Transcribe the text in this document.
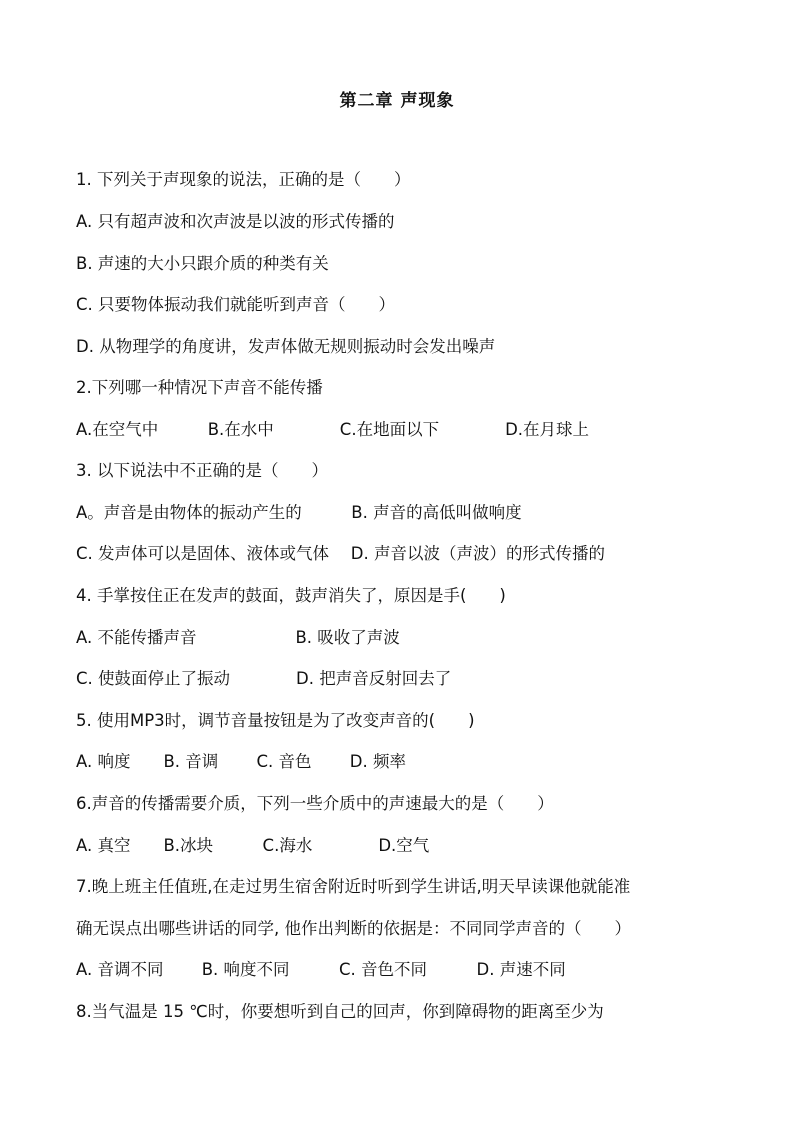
第二章 声现象
1. 下列关于声现象的说法，正确的是（　　）
A. 只有超声波和次声波是以波的形式传播的
B. 声速的大小只跟介质的种类有关
C. 只要物体振动我们就能听到声音（　　）
D. 从物理学的角度讲，发声体做无规则振动时会发出噪声
2.下列哪一种情况下声音不能传播
A.在空气中　　　B.在水中　　　　C.在地面以下　　　　D.在月球上
3. 以下说法中不正确的是（　　）
A。声音是由物体的振动产生的　　　B. 声音的高低叫做响度
C. 发声体可以是固体、液体或气体　 D. 声音以波（声波）的形式传播的
4. 手掌按住正在发声的鼓面，鼓声消失了，原因是手(　　)
A. 不能传播声音　　　　　　B. 吸收了声波
C. 使鼓面停止了振动　　　　D. 把声音反射回去了
5. 使用MP3时，调节音量按钮是为了改变声音的(　　)
A. 响度　　B. 音调　　 C. 音色　　 D. 频率
6.声音的传播需要介质，下列一些介质中的声速最大的是（　　）
A. 真空　　B.冰块　　　C.海水　　　　D.空气
7.晚上班主任值班,在走过男生宿舍附近时听到学生讲话,明天早读课他就能准
确无误点出哪些讲话的同学, 他作出判断的依据是：不同同学声音的（　　）
A. 音调不同　　 B. 响度不同　　　C. 音色不同　　　D. 声速不同
8.当气温是 15 ℃时，你要想听到自己的回声，你到障碍物的距离至少为
